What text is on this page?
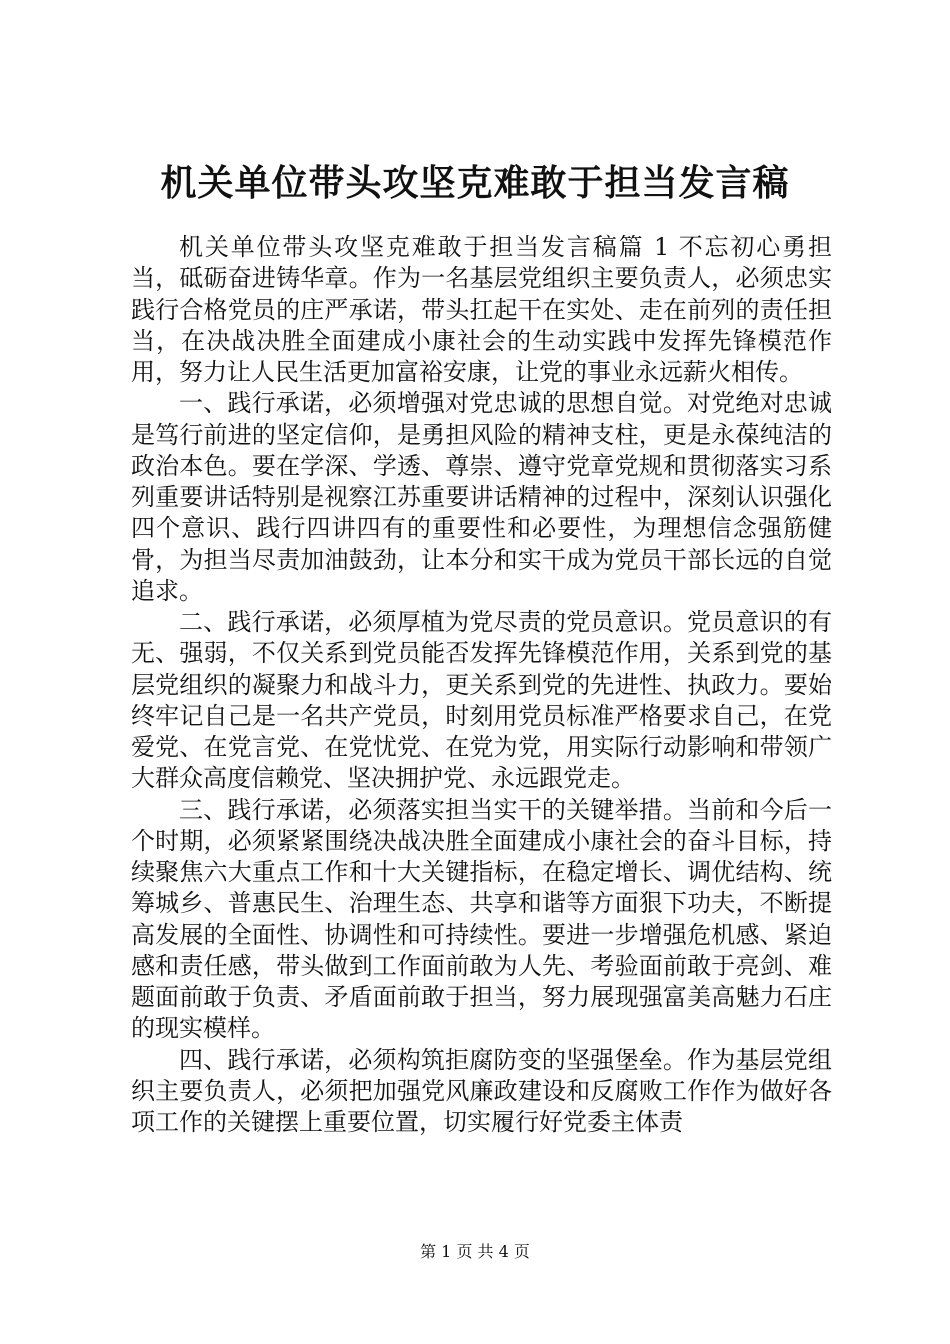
机关单位带头攻坚克难敢于担当发言稿

机关单位带头攻坚克难敢于担当发言稿篇 1 不忘初心勇担当，砥砺奋进铸华章。作为一名基层党组织主要负责人，必须忠实践行合格党员的庄严承诺，带头扛起干在实处、走在前列的责任担当，在决战决胜全面建成小康社会的生动实践中发挥先锋模范作用，努力让人民生活更加富裕安康，让党的事业永远薪火相传。

一、践行承诺，必须增强对党忠诚的思想自觉。对党绝对忠诚是笃行前进的坚定信仰，是勇担风险的精神支柱，更是永葆纯洁的政治本色。要在学深、学透、尊崇、遵守党章党规和贯彻落实习系列重要讲话特别是视察江苏重要讲话精神的过程中，深刻认识强化四个意识、践行四讲四有的重要性和必要性，为理想信念强筋健骨，为担当尽责加油鼓劲，让本分和实干成为党员干部长远的自觉追求。

二、践行承诺，必须厚植为党尽责的党员意识。党员意识的有无、强弱，不仅关系到党员能否发挥先锋模范作用，关系到党的基层党组织的凝聚力和战斗力，更关系到党的先进性、执政力。要始终牢记自己是一名共产党员，时刻用党员标准严格要求自己，在党爱党、在党言党、在党忧党、在党为党，用实际行动影响和带领广大群众高度信赖党、坚决拥护党、永远跟党走。

三、践行承诺，必须落实担当实干的关键举措。当前和今后一个时期，必须紧紧围绕决战决胜全面建成小康社会的奋斗目标，持续聚焦六大重点工作和十大关键指标，在稳定增长、调优结构、统筹城乡、普惠民生、治理生态、共享和谐等方面狠下功夫，不断提高发展的全面性、协调性和可持续性。要进一步增强危机感、紧迫感和责任感，带头做到工作面前敢为人先、考验面前敢于亮剑、难题面前敢于负责、矛盾面前敢于担当，努力展现强富美高魅力石庄的现实模样。

四、践行承诺，必须构筑拒腐防变的坚强堡垒。作为基层党组织主要负责人，必须把加强党风廉政建设和反腐败工作作为做好各项工作的关键摆上重要位置，切实履行好党委主体责

第 1 页 共 4 页
